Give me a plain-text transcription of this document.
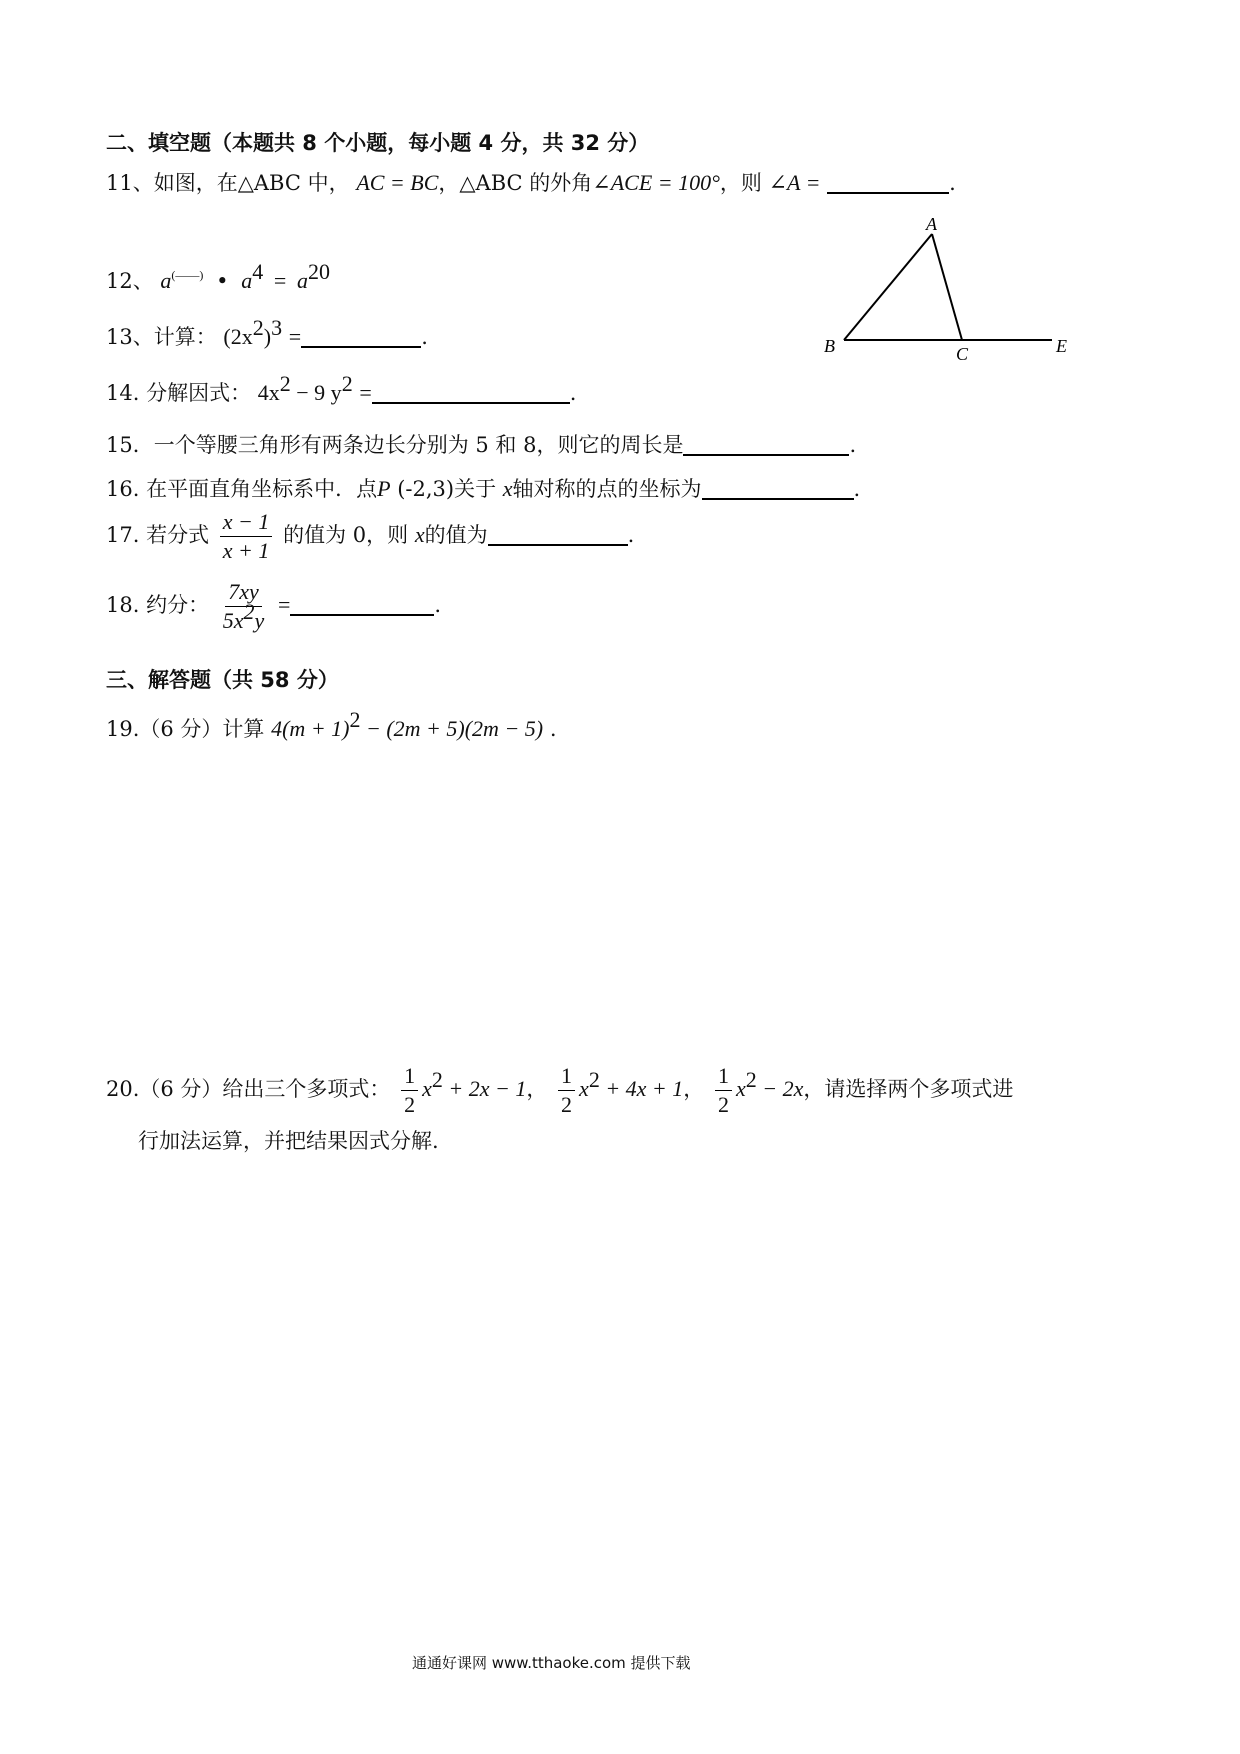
二、填空题（本题共 8 个小题，每小题 4 分，共 32 分）
11、如图，在△ABC 中， AC = BC，△ABC 的外角∠ACE = 100°，则 ∠A =	.
A
B	C	E
12、 a(——) • $a^4 = a^{20}$
13、计算： $(2x^2)^3$ =	.
14. 分解因式： $4x^2 - 9$ $y^2$ =	.
15．一个等腰三角形有两条边长分别为 5 和 8，则它的周长是	.
16. 在平面直角坐标系中．点P (-2,3)关于 x轴对称的点的坐标为	.
17. 若分式 $\frac{x - 1}{x + 1}$ 的值为 0，则 x的值为	.
18. 约分： $\frac{7xy}{5x^2y}$ =	.
三、解答题（共 58 分）
19.（6 分）计算 $4(m + 1)^2 - (2m + 5)(2m - 5)$ .
20.（6 分）给出三个多项式： $\frac{1}{2} x^2 + 2x - 1$， $\frac{1}{2} x^2 + 4x + 1$， $\frac{1}{2} x^2 - 2x$，请选择两个多项式进
行加法运算，并把结果因式分解.
通通好课网 www.tthaoke.com 提供下载
